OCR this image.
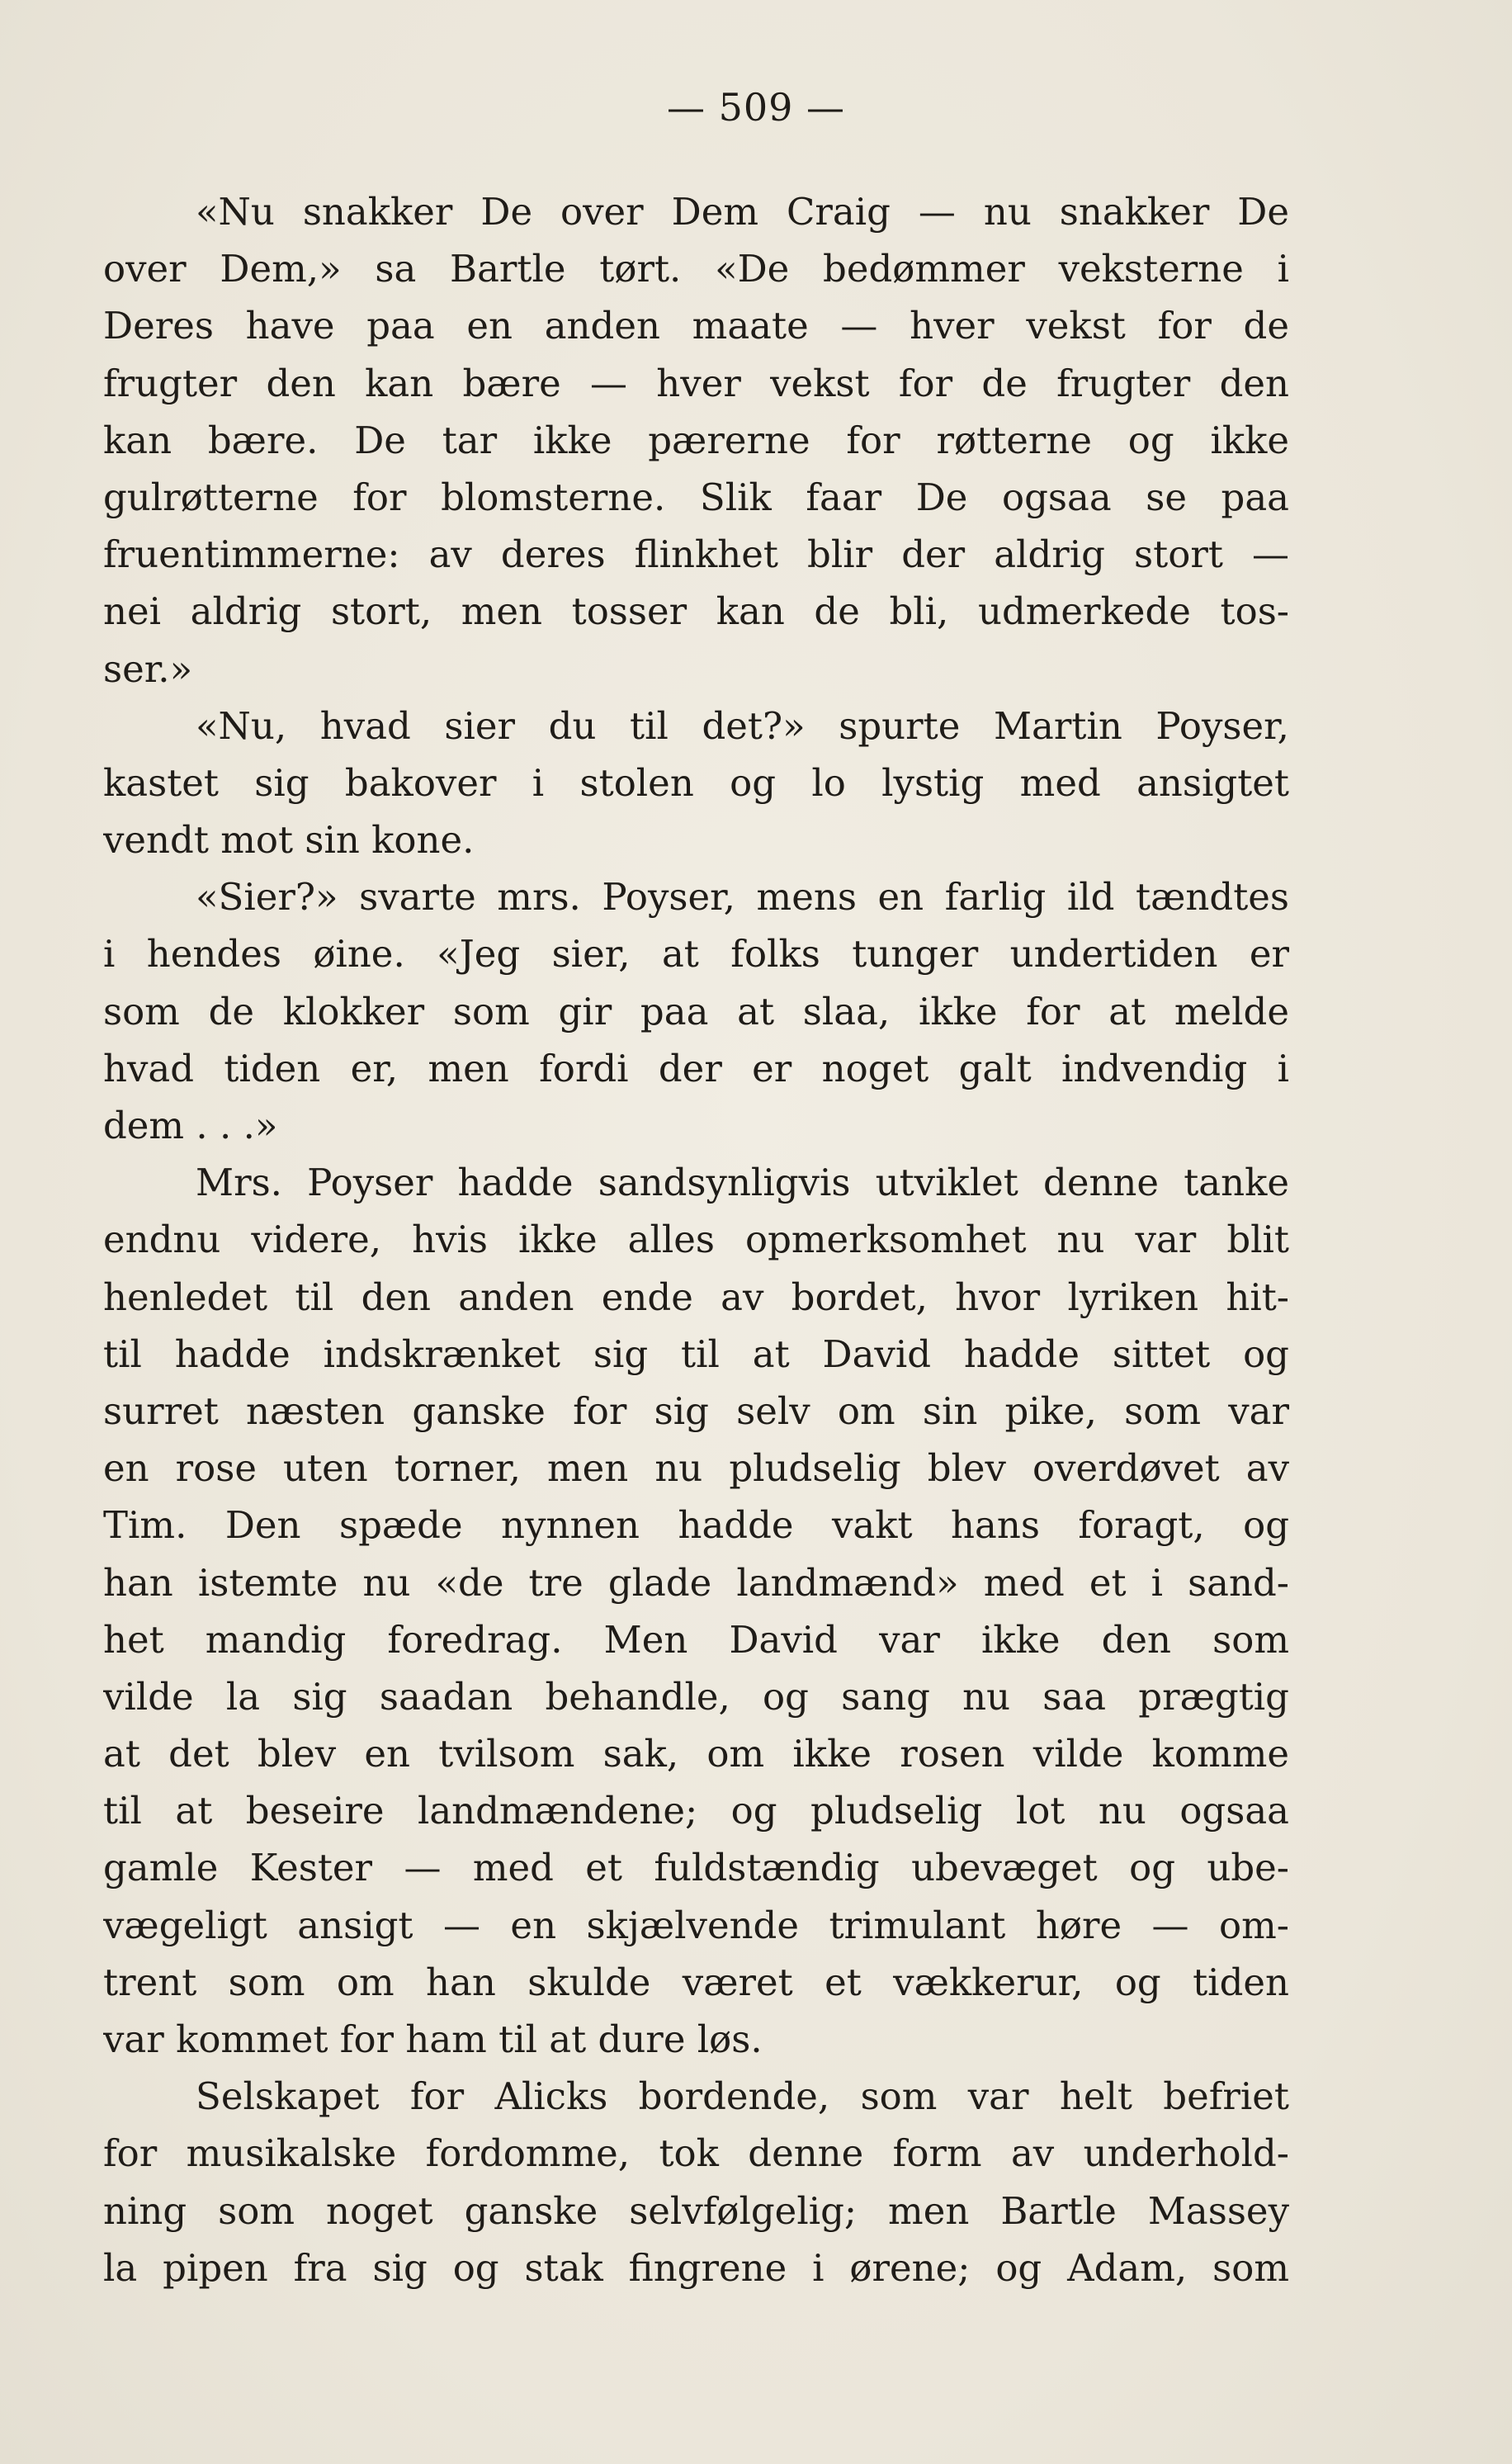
— 509 —
«Nu snakker De over Dem Craig — nu snakker De
over Dem,» sa Bartle tørt. «De bedømmer veksterne i
Deres have paa en anden maate — hver vekst for de
frugter den kan bære — hver vekst for de frugter den
kan bære. De tar ikke pærerne for røtterne og ikke
gulrøtterne for blomsterne. Slik faar De ogsaa se paa
fruentimmerne: av deres flinkhet blir der aldrig stort —
nei aldrig stort, men tosser kan de bli, udmerkede tos-
ser.»
«Nu, hvad sier du til det?» spurte Martin Poyser,
kastet sig bakover i stolen og lo lystig med ansigtet
vendt mot sin kone.
«Sier?» svarte mrs. Poyser, mens en farlig ild tændtes
i hendes øine. «Jeg sier, at folks tunger undertiden er
som de klokker som gir paa at slaa, ikke for at melde
hvad tiden er, men fordi der er noget galt indvendig i
dem . . .»
Mrs. Poyser hadde sandsynligvis utviklet denne tanke
endnu videre, hvis ikke alles opmerksomhet nu var blit
henledet til den anden ende av bordet, hvor lyriken hit-
til hadde indskrænket sig til at David hadde sittet og
surret næsten ganske for sig selv om sin pike, som var
en rose uten torner, men nu pludselig blev overdøvet av
Tim. Den spæde nynnen hadde vakt hans foragt, og
han istemte nu «de tre glade landmænd» med et i sand-
het mandig foredrag. Men David var ikke den som
vilde la sig saadan behandle, og sang nu saa prægtig
at det blev en tvilsom sak, om ikke rosen vilde komme
til at beseire landmændene; og pludselig lot nu ogsaa
gamle Kester — med et fuldstændig ubevæget og ube-
vægeligt ansigt — en skjælvende trimulant høre — om-
trent som om han skulde været et vækkerur, og tiden
var kommet for ham til at dure løs.
Selskapet for Alicks bordende, som var helt befriet
for musikalske fordomme, tok denne form av underhold-
ning som noget ganske selvfølgelig; men Bartle Massey
la pipen fra sig og stak fingrene i ørene; og Adam, som
